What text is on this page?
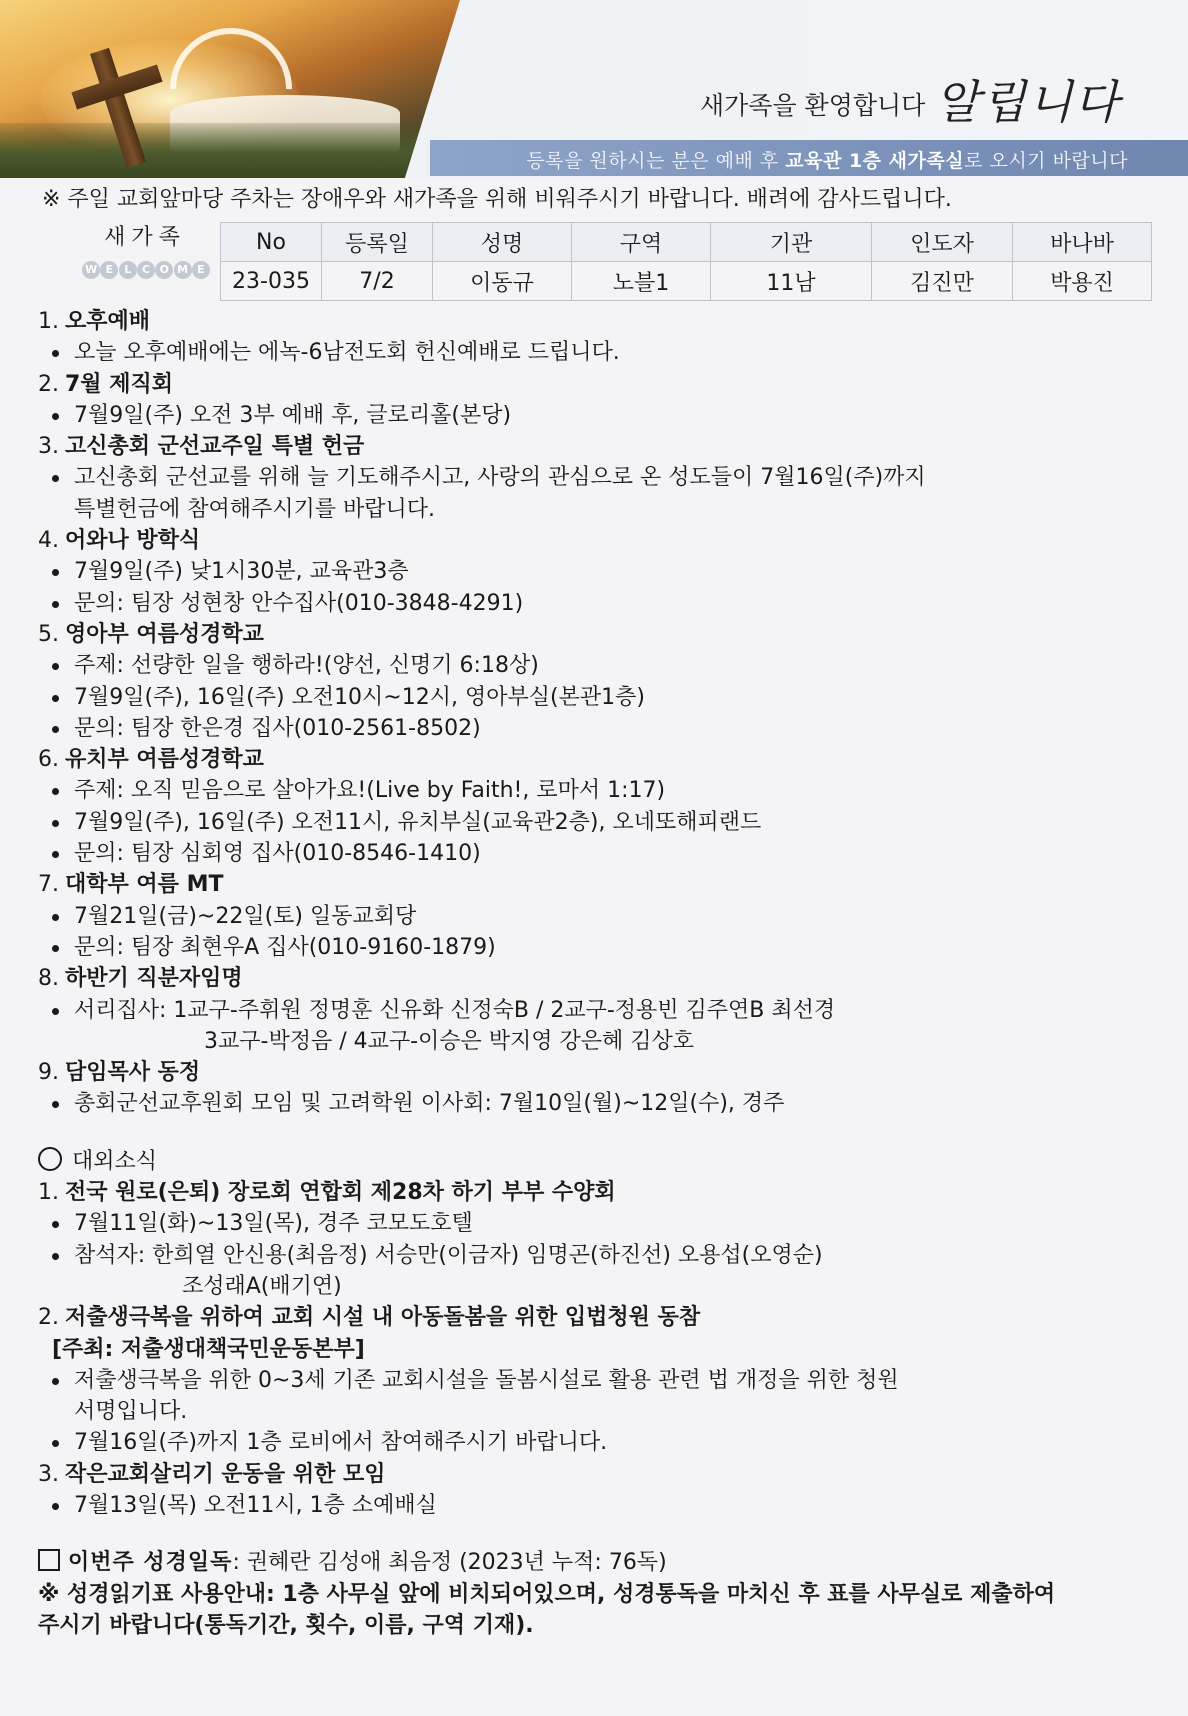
새가족을 환영합니다 알립니다
등록을 원하시는 분은 예배 후 교육관 1층 새가족실로 오시기 바랍니다
※ 주일 교회앞마당 주차는 장애우와 새가족을 위해 비워주시기 바랍니다. 배려에 감사드립니다.
새가족
W E	L C O M E
No	등록일	성명	구역	기관	인도자	바나바
23-035	7/2	이동규	노블1	11남	김진만	박용진
1. 오후예배
오늘 오후예배에는 에녹-6남전도회 헌신예배로 드립니다.
2. 7월 제직회
7월9일(주) 오전 3부 예배 후, 글로리홀(본당)
3. 고신총회 군선교주일 특별 헌금
고신총회 군선교를 위해 늘 기도해주시고, 사랑의 관심으로 온 성도들이 7월16일(주)까지
특별헌금에 참여해주시기를 바랍니다.
4. 어와나 방학식
7월9일(주) 낮1시30분, 교육관3층
문의: 팀장 성현창 안수집사(010-3848-4291)
5. 영아부 여름성경학교
주제: 선량한 일을 행하라!(양선, 신명기 6:18상)
7월9일(주), 16일(주) 오전10시~12시, 영아부실(본관1층)
문의: 팀장 한은경 집사(010-2561-8502)
6. 유치부 여름성경학교
주제: 오직 믿음으로 살아가요!(Live by Faith!, 로마서 1:17)
7월9일(주), 16일(주) 오전11시, 유치부실(교육관2층), 오네또해피랜드
문의: 팀장 심회영 집사(010-8546-1410)
7. 대학부 여름 MT
7월21일(금)~22일(토) 일동교회당
문의: 팀장 최현우A 집사(010-9160-1879)
8. 하반기 직분자임명
서리집사: 1교구-주휘원 정명훈 신유화 신정숙B / 2교구-정용빈 김주연B 최선경
3교구-박정음 / 4교구-이승은 박지영 강은혜 김상호
9. 담임목사 동정
총회군선교후원회 모임 및 고려학원 이사회: 7월10일(월)~12일(수), 경주
대외소식
1. 전국 원로(은퇴) 장로회 연합회 제28차 하기 부부 수양회
7월11일(화)~13일(목), 경주 코모도호텔
참석자: 한희열 안신용(최음정) 서승만(이금자) 임명곤(하진선) 오용섭(오영순)
조성래A(배기연)
2. 저출생극복을 위하여 교회 시설 내 아동돌봄을 위한 입법청원 동참
[주최: 저출생대책국민운동본부]
저출생극복을 위한 0~3세 기존 교회시설을 돌봄시설로 활용 관련 법 개정을 위한 청원
서명입니다.
7월16일(주)까지 1층 로비에서 참여해주시기 바랍니다.
3. 작은교회살리기 운동을 위한 모임
7월13일(목) 오전11시, 1층 소예배실
이번주 성경일독: 권혜란 김성애 최음정 (2023년 누적: 76독)
※ 성경읽기표 사용안내: 1층 사무실 앞에 비치되어있으며, 성경통독을 마치신 후 표를 사무실로 제출하여
주시기 바랍니다(통독기간, 횟수, 이름, 구역 기재).
